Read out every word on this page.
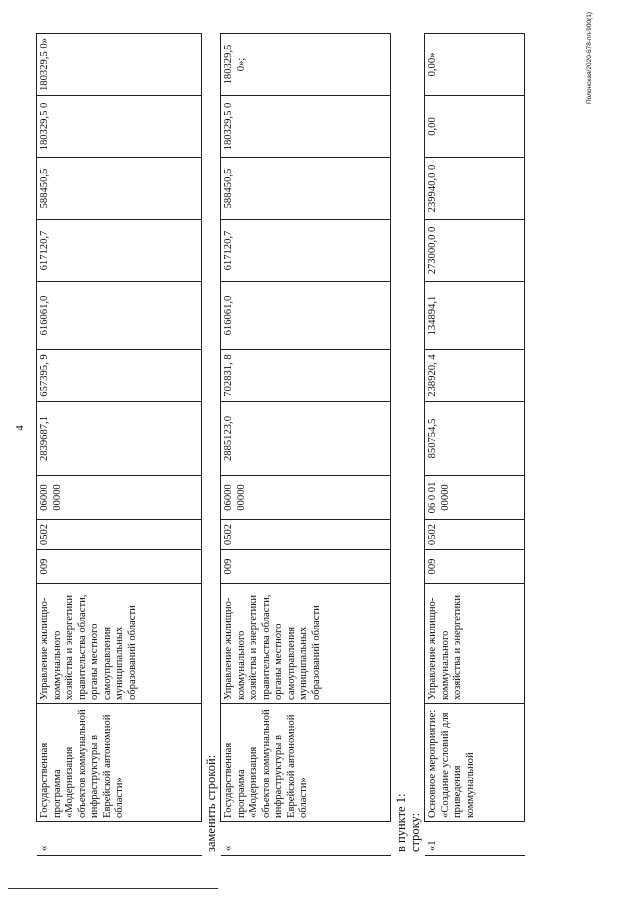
4
«	Государственная программа «Модернизация объектов коммунальной инфраструктуры в Еврейской автономной области»	Управление жилищно-коммунального хозяйства и энергетики правительства области, органы местного самоуправления муниципальных образований области	009	0502	06000 00000	2839687,1	657395, 9	616061,0	617120,7	588450,5	180329,5 0	180329,5 0»
заменить строкой: «	Государственная программа «Модернизация объектов коммунальной инфраструктуры в Еврейской автономной области»	Управление жилищно-коммунального хозяйства и энергетики правительства области, органы местного самоуправления муниципальных образований области	009	0502	06000 00000	2885123,0	702831, 8	616061,0	617120,7	588450,5	180329,5 0	180329,5 0»;
в пункте 1: строку: «1	Основное мероприятие: «Создание условий для приведения коммунальной	Управление жилищно-коммунального хозяйства и энергетики	009	0502	06 0 01 00000	850754,5	238920, 4	134894,1	273000,0 0	239940,0 0	0,00	0,00»	Полонская/2020-678-пп-900(1)
